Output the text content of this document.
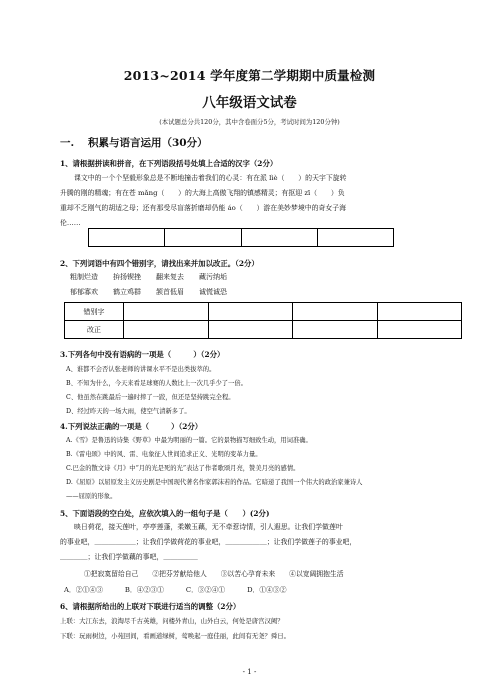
2013~2014 学年度第二学期期中质量检测
八年级语文试卷
(本试题总分共120分，其中含卷面分5分，考试时间为120分钟)
一. 积累与语言运用（30分）
1、请根据拼读和拼音，在下列语段括号处填上合适的汉字（2分）
课文中的一个个坚毅形象总是不断地撞击着我们的心灵：有在派 lìè（　　）的天宇下旋转
升腾的刚的精魂；有在苍 mǎng（　　）的大海上高傲飞翔的镇感精灵；有抠迎 zī（　　）负
重却不乏刚气的胡适之母；还有那受尽盲落折磨却仍能 áo（　　）游在美妙梦境中的奇女子海
伦……

2、下列词语中有四个错别字，请找出来并加以改正。（2分）
粗制烂造 拚扬锲挫 翻来复去 藏污纳垢
郁郁寡欢 鹤立鸡群 颔首低眉 诚慌诚恐
错别字				
改正				
3.下列各句中没有语病的一项是（　　　）（2分）
A、谁都不会否认张老师的讲课水平不是出类拔萃的。
B、不知为什么，今天来看足球赛的人数比上一次几乎少了一倍。
C、他虽然在跳最后一遍时摔了一跤，但还是坚持跳完全程。
D、经过昨天的一场大雨，使空气清新多了。
4.下列说法正确的一项是（　　　）（2分）
A.《雪》是鲁迅的诗集《野草》中最为明丽的一篇。它的景物描写细致生动，用词准确。
B.《雷电颂》中的风、雷、电象征人世间追求正义、光明的变革力量。
C.巴金的散文诗《月》中“月的光是死的光”表达了作者歌颂月亮，赞美月亮的感情。
D.《屈原》以屈原发主义历史剧是中国现代著名作家郭沫若的作品。它暗递了我国一个伟大的政治家兼诗人
——屈原的形象。
5、下面语段的空白处，应依次填入的一组句子是（　　）(2分)
映日荷花，接天莲叶，亭亭莲蓬，柔嫩玉藕，无不牵惹诗情，引人遐思。让我们学做莲叶
的事业吧，＿＿＿＿＿＿；让我们学做荷花的事业吧，＿＿＿＿＿＿；让我们学做莲子的事业吧，
＿＿＿＿；让我们学做藕的事吧，＿＿＿＿＿
①把寂寞留给自己 ②把芬芳献给他人 ③以苦心孕育未来 ④以宽阔拥抱生活
A．②①④③	B．④②③①	C．③②④①	D．①④③②
6、请根据所给出的上联对下联进行适当的调整（2分）
上联：大江东去，浪淘尽千古英雄，问楼外青山，山外白云，何处是唐宫汉阙？
下联：玩雨树边，小苑回间，看画道绿树，莺唤起一庭佳丽，此间有无尧？舜日。
- 1 -
